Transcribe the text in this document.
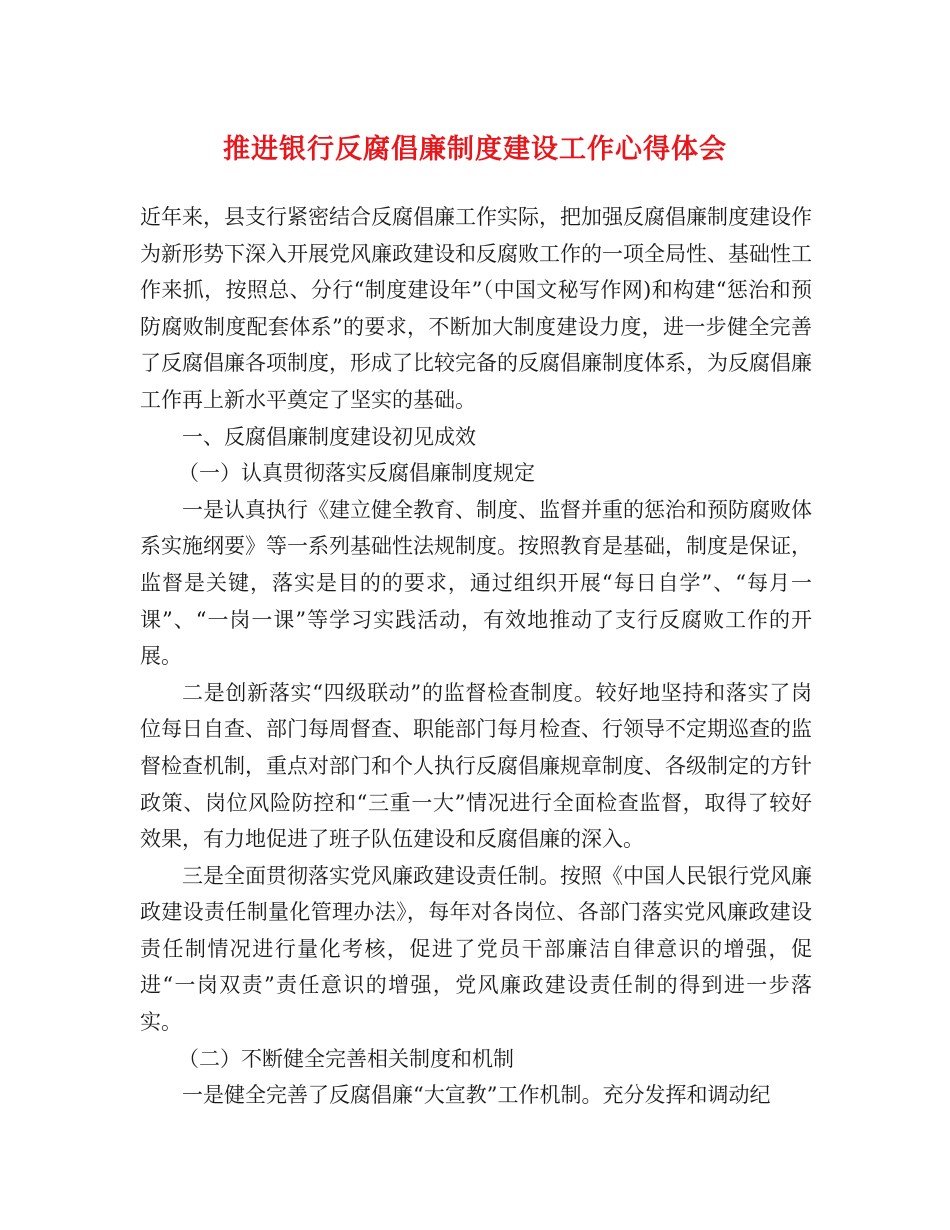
推进银行反腐倡廉制度建设工作心得体会

近年来，县支行紧密结合反腐倡廉工作实际，把加强反腐倡廉制度建设作为新形势下深入开展党风廉政建设和反腐败工作的一项全局性、基础性工作来抓，按照总、分行“制度建设年”（中国文秘写作网)和构建“惩治和预防腐败制度配套体系”的要求，不断加大制度建设力度，进一步健全完善了反腐倡廉各项制度，形成了比较完备的反腐倡廉制度体系，为反腐倡廉工作再上新水平奠定了坚实的基础。

一、反腐倡廉制度建设初见成效

（一）认真贯彻落实反腐倡廉制度规定

一是认真执行《建立健全教育、制度、监督并重的惩治和预防腐败体系实施纲要》等一系列基础性法规制度。按照教育是基础，制度是保证，监督是关键，落实是目的的要求，通过组织开展“每日自学”、“每月一课”、“一岗一课”等学习实践活动，有效地推动了支行反腐败工作的开展。

二是创新落实“四级联动”的监督检查制度。较好地坚持和落实了岗位每日自查、部门每周督查、职能部门每月检查、行领导不定期巡查的监督检查机制，重点对部门和个人执行反腐倡廉规章制度、各级制定的方针政策、岗位风险防控和“三重一大”情况进行全面检查监督，取得了较好效果，有力地促进了班子队伍建设和反腐倡廉的深入。

三是全面贯彻落实党风廉政建设责任制。按照《中国人民银行党风廉政建设责任制量化管理办法》，每年对各岗位、各部门落实党风廉政建设责任制情况进行量化考核，促进了党员干部廉洁自律意识的增强，促进“一岗双责”责任意识的增强，党风廉政建设责任制的得到进一步落实。

（二）不断健全完善相关制度和机制

一是健全完善了反腐倡廉“大宣教”工作机制。充分发挥和调动纪
